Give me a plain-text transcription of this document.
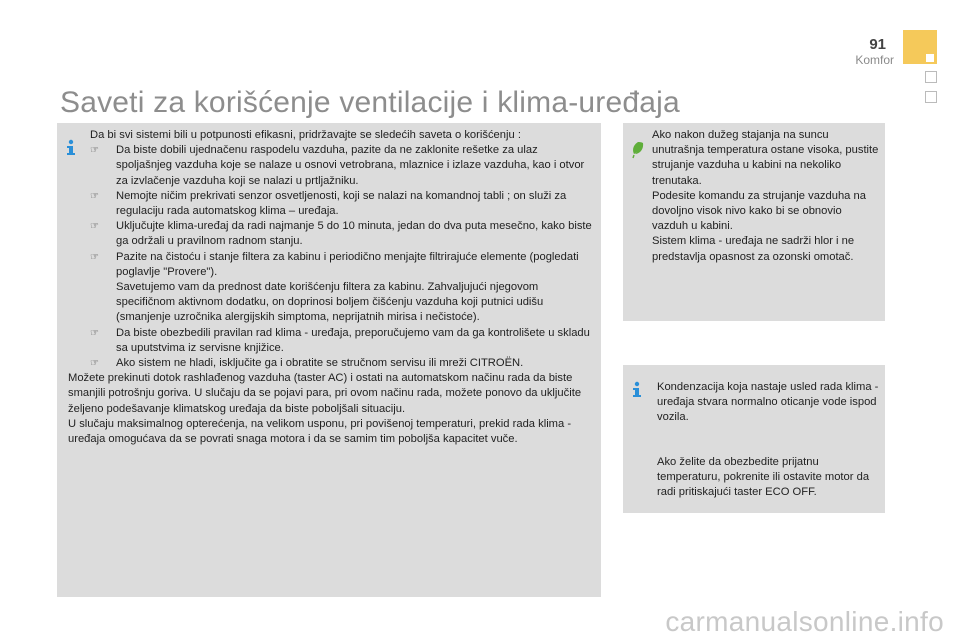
91
Komfor
Saveti za korišćenje ventilacije i klima-uređaja

Da bi svi sistemi bili u potpunosti efikasni, pridržavajte se sledećih saveta o korišćenju :

☞ Da biste dobili ujednačenu raspodelu vazduha, pazite da ne zaklonite rešetke za ulaz spoljašnjeg vazduha koje se nalaze u osnovi vetrobrana, mlaznice i izlaze vazduha, kao i otvor za izvlačenje vazduha koji se nalazi u prtljažniku.
☞ Nemojte ničim prekrivati senzor osvetljenosti, koji se nalazi na komandnoj tabli ; on služi za regulaciju rada automatskog klima – uređaja.
☞ Uključujte klima-uređaj da radi najmanje 5 do 10 minuta, jedan do dva puta mesečno, kako biste ga održali u pravilnom radnom stanju.
☞ Pazite na čistoću i stanje filtera za kabinu i periodično menjajte filtrirajuće elemente (pogledati poglavlje "Provere").
Savetujemo vam da prednost date korišćenju filtera za kabinu. Zahvaljujući njegovom specifičnom aktivnom dodatku, on doprinosi boljem čišćenju vazduha koji putnici udišu (smanjenje uzročnika alergijskih simptoma, neprijatnih mirisa i nečistoće).
☞ Da biste obezbedili pravilan rad klima - uređaja, preporučujemo vam da ga kontrolišete u skladu sa uputstvima iz servisne knjižice.
☞ Ako sistem ne hladi, isključite ga i obratite se stručnom servisu ili mreži CITROËN.

Možete prekinuti dotok rashlađenog vazduha (taster AC) i ostati na automatskom načinu rada da biste smanjili potrošnju goriva. U slučaju da se pojavi para, pri ovom načinu rada, možete ponovo da uključite željeno podešavanje klimatskog uređaja da biste poboljšali situaciju.

U slučaju maksimalnog opterećenja, na velikom usponu, pri povišenoj temperaturi, prekid rada klima - uređaja omogućava da se povrati snaga motora i da se samim tim poboljša kapacitet vuče.

Ako nakon dužeg stajanja na suncu unutrašnja temperatura ostane visoka, pustite strujanje vazduha u kabini na nekoliko trenutaka.

Podesite komandu za strujanje vazduha na dovoljno visok nivo kako bi se obnovio vazduh u kabini.

Sistem klima - uređaja ne sadrži hlor i ne predstavlja opasnost za ozonski omotač.

Kondenzacija koja nastaje usled rada klima - uređaja stvara normalno oticanje vode ispod vozila.

Ako želite da obezbedite prijatnu temperaturu, pokrenite ili ostavite motor da radi pritiskajući taster ECO OFF.

carmanualsonline.info
